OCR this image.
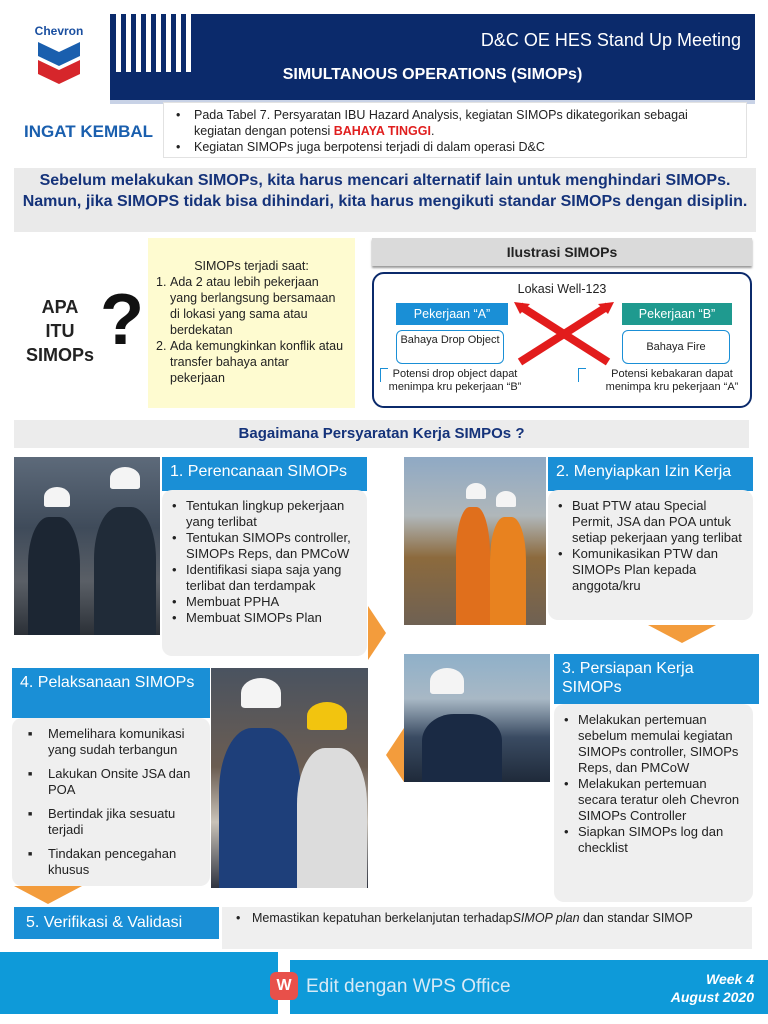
Chevron	D&C OE HES Stand Up Meeting
SIMULTANOUS OPERATIONS (SIMOPs)
INGAT KEMBAL
• Pada Tabel 7. Persyaratan IBU Hazard Analysis, kegiatan SIMOPs dikategorikan sebagai kegiatan dengan potensi BAHAYA TINGGI.
• Kegiatan SIMOPs juga berpotensi terjadi di dalam operasi D&C
Sebelum melakukan SIMOPs, kita harus mencari alternatif lain untuk menghindari SIMOPs. Namun, jika SIMOPS tidak bisa dihindari, kita harus mengikuti standar SIMOPs dengan disiplin.
APA
ITU
SIMOPs ?
SIMOPs terjadi saat:
1. Ada 2 atau lebih pekerjaan yang berlangsung bersamaan di lokasi yang sama atau berdekatan
2. Ada kemungkinkan konflik atau transfer bahaya antar pekerjaan
Ilustrasi SIMOPs
Lokasi Well-123
Pekerjaan “A”	Pekerjaan “B”
Bahaya Drop Object
Bahaya Fire
Potensi drop object dapat menimpa kru pekerjaan “B”
Potensi kebakaran dapat menimpa kru pekerjaan “A”
Bagaimana Persyaratan Kerja SIMPOs ?
1. Perencanaan SIMOPs
• Tentukan lingkup pekerjaan yang terlibat
• Tentukan SIMOPs controller, SIMOPs Reps, dan PMCoW
• Identifikasi siapa saja yang terlibat dan terdampak
• Membuat PPHA
• Membuat SIMOPs Plan
2. Menyiapkan Izin Kerja
• Buat PTW atau Special Permit, JSA dan POA untuk setiap pekerjaan yang terlibat
• Komunikasikan PTW dan SIMOPs Plan kepada anggota/kru
3. Persiapan Kerja SIMOPs
• Melakukan pertemuan sebelum memulai kegiatan SIMOPs controller, SIMOPs Reps, dan PMCoW
• Melakukan pertemuan secara teratur oleh Chevron SIMOPs Controller
• Siapkan SIMOPs log dan checklist
4. Pelaksanaan SIMOPs
■ Memelihara komunikasi yang sudah terbangun
■ Lakukan Onsite JSA dan POA
■ Bertindak jika sesuatu terjadi
■ Tindakan pencegahan khusus
5. Verifikasi & Validasi
•	Memastikan kepatuhan berkelanjutan terhadapSIMOP plan dan standar SIMOP
W Edit dengan WPS Office	Week 4
August 2020
